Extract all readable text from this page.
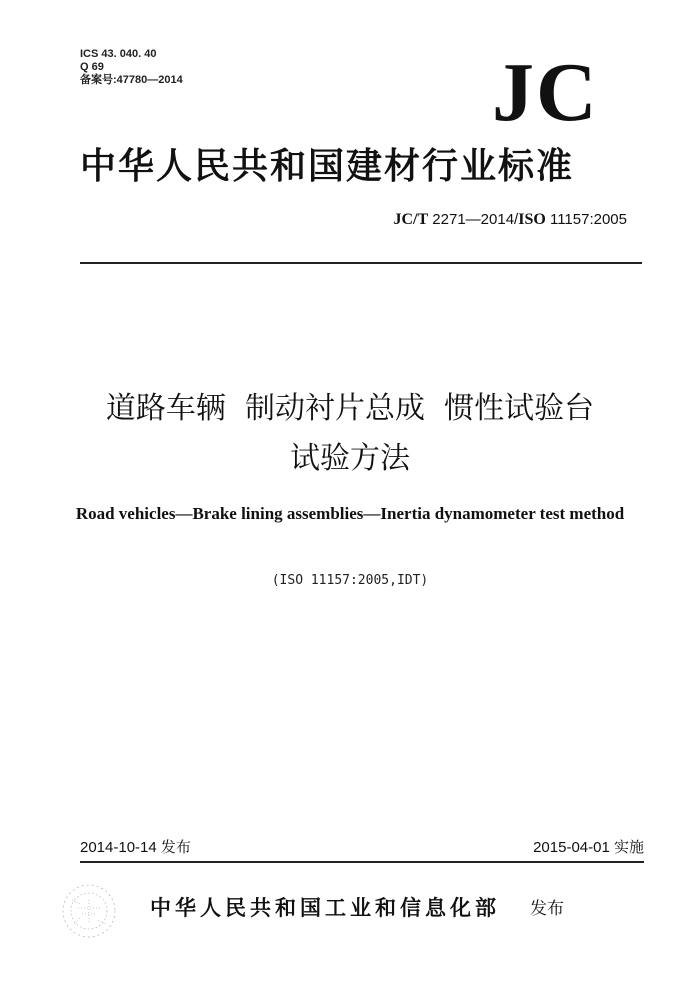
ICS 43. 040. 40
Q 69
备案号:47780—2014	JC
中华人民共和国建材行业标准
JC/T 2271—2014/ISO 11157:2005
道路车辆  制动衬片总成  惯性试验台
试验方法
Road vehicles—Brake lining assemblies—Inertia dynamometer test method
(ISO 11157:2005,IDT)
2014-10-14 发布	2015-04-01 实施
中华人民共和国工业和信息化部 发布
